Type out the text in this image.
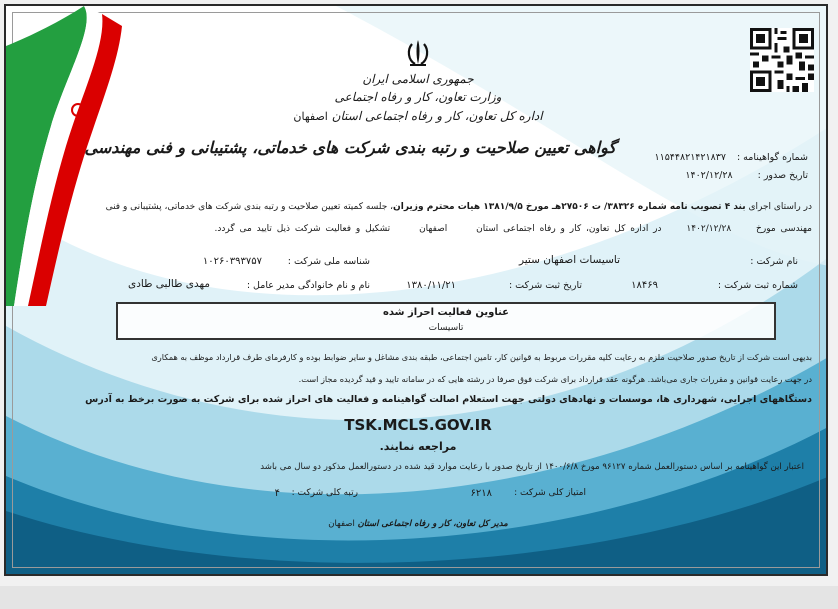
جمهوری اسلامی ایران
وزارت تعاون، کار و رفاه اجتماعی
اداره کل تعاون، کار و رفاه اجتماعی استان اصفهان
گواهی تعیین صلاحیت و رتبه بندی شرکت های خدماتی، پشتیبانی و فنی مهندسی
شماره گواهینامه : ۱۱۵۴۴۸۲۱۴۲۱۸۳۷
تاریخ صدور : ۱۴۰۲/۱۲/۲۸
در راستای اجرای بند ۴ تصویب نامه شماره ۳۸۳۲۶/ ت ۲۷۵۰۶هـ مورخ ۱۳۸۱/۹/۵ هیات محترم وزیران، جلسه کمیته تعیین صلاحیت و رتبه بندی شرکت های خدماتی، پشتیبانی و فنی
مهندسی مورخ ۱۴۰۲/۱۲/۲۸ در اداره کل تعاون، کار و رفاه اجتماعی استان اصفهان تشکیل و فعالیت شرکت ذیل تایید می گردد.
نام شرکت :
تاسیسات اصفهان ستیر
شناسه ملی شرکت :
۱۰۲۶۰۳۹۳۷۵۷
شماره ثبت شرکت :
۱۸۴۶۹
تاریخ ثبت شرکت :
۱۳۸۰/۱۱/۲۱
نام و نام خانوادگی مدیر عامل :
مهدی طالبی طادی
عناوین فعالیت احراز شده
تاسیسات
بدیهی است شرکت از تاریخ صدور صلاحیت ملزم به رعایت کلیه مقررات مربوط به قوانین کار، تامین اجتماعی، طبقه بندی مشاغل و سایر ضوابط بوده و کارفرمای طرف قرارداد موظف به همکاری
در جهت رعایت قوانین و مقررات جاری می‌باشد. هرگونه عقد قرارداد برای شرکت فوق صرفا در رشته هایی که در سامانه تایید و قید گردیده مجاز است.
دستگاههای اجرایی، شهرداری ها، موسسات و نهادهای دولتی جهت استعلام اصالت گواهینامه و فعالیت های احراز شده برای شرکت به صورت برخط به آدرس
TSK.MCLS.GOV.IR
مراجعه نمایند.
اعتبار این گواهینامه بر اساس دستورالعمل شماره ۹۶۱۲۷ مورخ ۱۴۰۰/۶/۸ از تاریخ صدور با رعایت موارد قید شده در دستورالعمل مذکور دو سال می باشد
امتیاز کلی شرکت :
۶۲۱۸
رتبه کلی شرکت :
۴
مدیر کل تعاون، کار و رفاه اجتماعی استان اصفهان
